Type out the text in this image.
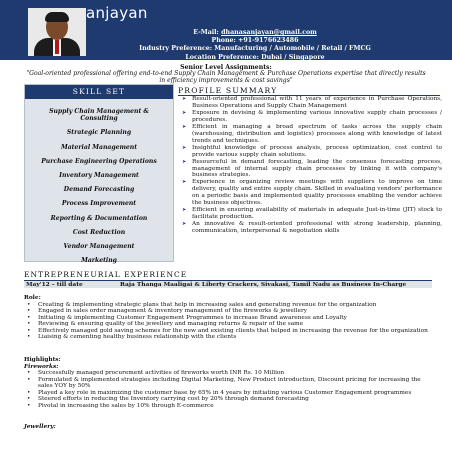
anjayan
E-Mail: dhanasanjayan@gmail.com
Phone: +91-9176623486
Industry Preference: Manufacturing / Automobile / Retail / FMCG
Location Preference: Dubai / Singapore
Senior Level Assignments:
"Goal-oriented professional offering end-to-end Supply Chain Management & Purchase Operations expertise that directly results in efficiency improvements & cost savings"
SKILL SET
Supply Chain Management & Consulting
Strategic Planning
Material Management
Purchase Engineering Operations
Inventory Management
Demand Forecasting
Process Improvement
Reporting & Documentation
Cost Reduction
Vendor Management
Marketing
PROFILE SUMMARY
➤ Result-oriented professional with 11 years of experience in Purchase Operations, Business Operations and Supply Chain Management
➤ Exposure in devising & implementing various innovative supply chain processes / procedures.
➤ Efficient in managing a broad spectrum of tasks across the supply chain (warehousing, distribution and logistics) processes along with knowledge of latest trends and techniques.
➤ Insightful knowledge of process analysis, process optimization, cost control to provide various supply chain solutions.
➤ Resourceful in demand forecasting, leading the consensus forecasting process, management of internal supply chain processes by linking it with company's business strategies.
➤ Experience in organizing review meetings with suppliers to improve on time delivery, quality and entire supply chain. Skilled in evaluating vendors' performance on a periodic basis and implemented quality processes enabling the vendor achieve the business objectives.
➤ Efficient in ensuring availability of materials in adequate Just-in-time (JIT) stock to facilitate production.
➤ An innovative & result-oriented professional with strong leadership, planning, communication, interpersonal & negotiation skills
ENTREPRENEURIAL EXPERIENCE
May'12 – till date	Raja Thanga Maaligai & Liberty Crackers, Sivakasi, Tamil Nadu as Business In-Charge
Role:
• Creating & implementing strategic plans that help in increasing sales and generating revenue for the organization
• Engaged in sales order management & inventory management of the fireworks & jewellery
• Initiating & implementing Customer Engagement Programmes to increase Brand awareness and Loyalty
• Reviewing & ensuring quality of the jewellery and managing returns & repair of the same
• Effectively managed gold saving schemes for the new and existing clients that helped in increasing the revenue for the organization
• Liaising & cementing healthy business relationship with the clients
Highlights:
Fireworks:
• Successfully managed procurement activities of fireworks worth INR Rs. 10 Million
• Formulated & implemented strategies including Digital Marketing, New Product introduction, Discount pricing for increasing the sales YOY by 50%
• Played a key role in maximizing the customer base by 65% in 4 years by initiating various Customer Engagement programmes
• Steered efforts in reducing the Inventory carrying cost by 20% through demand forecasting
• Pivotal in increasing the sales by 10% through E-commerce
Jewellery:
